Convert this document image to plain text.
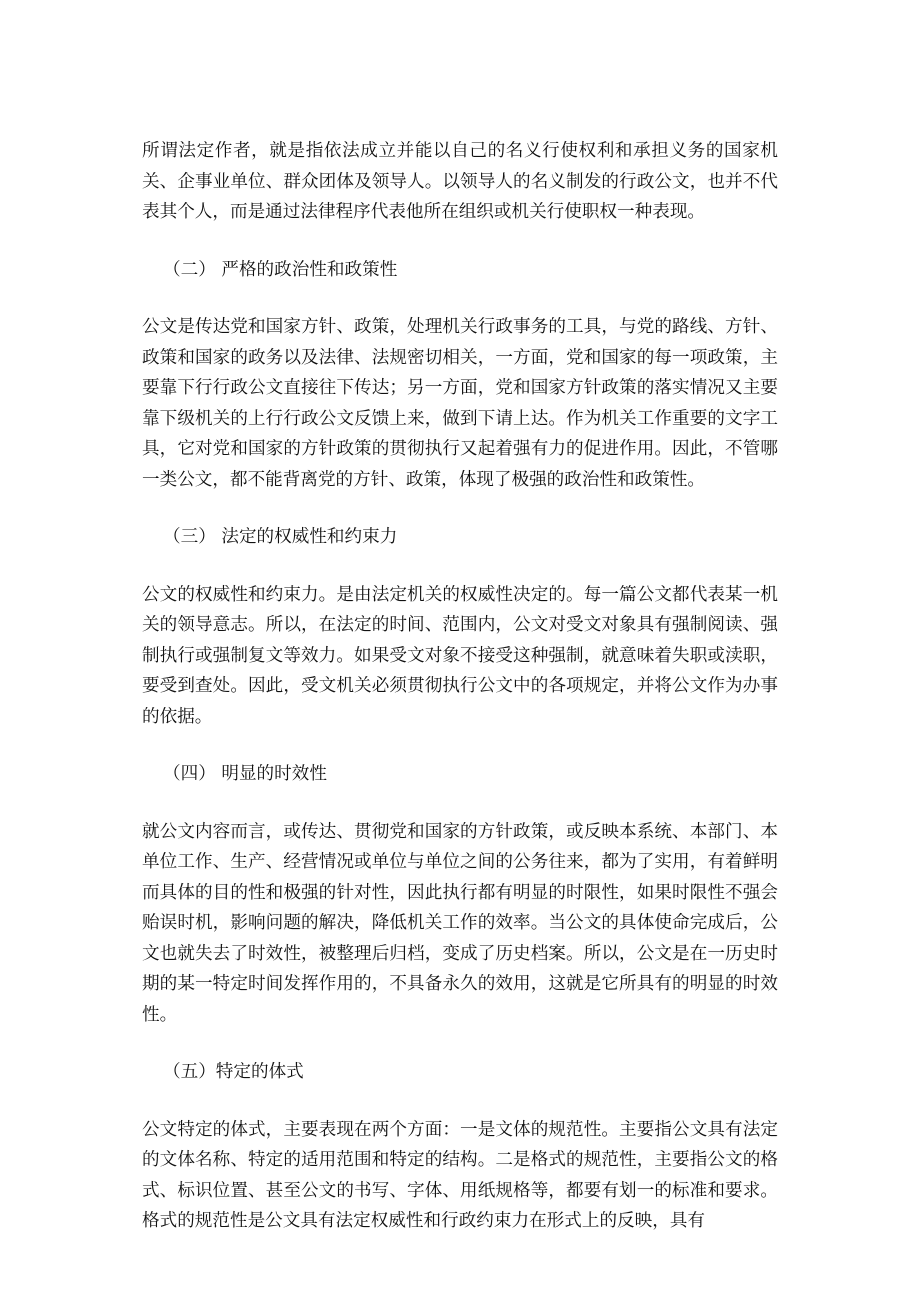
所谓法定作者，就是指依法成立并能以自己的名义行使权利和承担义务的国家机关、企事业单位、群众团体及领导人。以领导人的名义制发的行政公文，也并不代表其个人，而是通过法律程序代表他所在组织或机关行使职权一种表现。

（二） 严格的政治性和政策性

公文是传达党和国家方针、政策，处理机关行政事务的工具，与党的路线、方针、政策和国家的政务以及法律、法规密切相关，一方面，党和国家的每一项政策，主要靠下行行政公文直接往下传达；另一方面，党和国家方针政策的落实情况又主要靠下级机关的上行行政公文反馈上来，做到下请上达。作为机关工作重要的文字工具，它对党和国家的方针政策的贯彻执行又起着强有力的促进作用。因此，不管哪一类公文，都不能背离党的方针、政策，体现了极强的政治性和政策性。

（三） 法定的权威性和约束力

公文的权威性和约束力。是由法定机关的权威性决定的。每一篇公文都代表某一机关的领导意志。所以，在法定的时间、范围内，公文对受文对象具有强制阅读、强制执行或强制复文等效力。如果受文对象不接受这种强制，就意味着失职或渎职，要受到查处。因此，受文机关必须贯彻执行公文中的各项规定，并将公文作为办事的依据。

（四） 明显的时效性

就公文内容而言，或传达、贯彻党和国家的方针政策，或反映本系统、本部门、本单位工作、生产、经营情况或单位与单位之间的公务往来，都为了实用，有着鲜明而具体的目的性和极强的针对性，因此执行都有明显的时限性，如果时限性不强会贻误时机，影响问题的解决，降低机关工作的效率。当公文的具体使命完成后，公文也就失去了时效性，被整理后归档，变成了历史档案。所以，公文是在一历史时期的某一特定时间发挥作用的，不具备永久的效用，这就是它所具有的明显的时效性。

（五）特定的体式

公文特定的体式，主要表现在两个方面：一是文体的规范性。主要指公文具有法定的文体名称、特定的适用范围和特定的结构。二是格式的规范性，主要指公文的格式、标识位置、甚至公文的书写、字体、用纸规格等，都要有划一的标准和要求。格式的规范性是公文具有法定权威性和行政约束力在形式上的反映，具有
